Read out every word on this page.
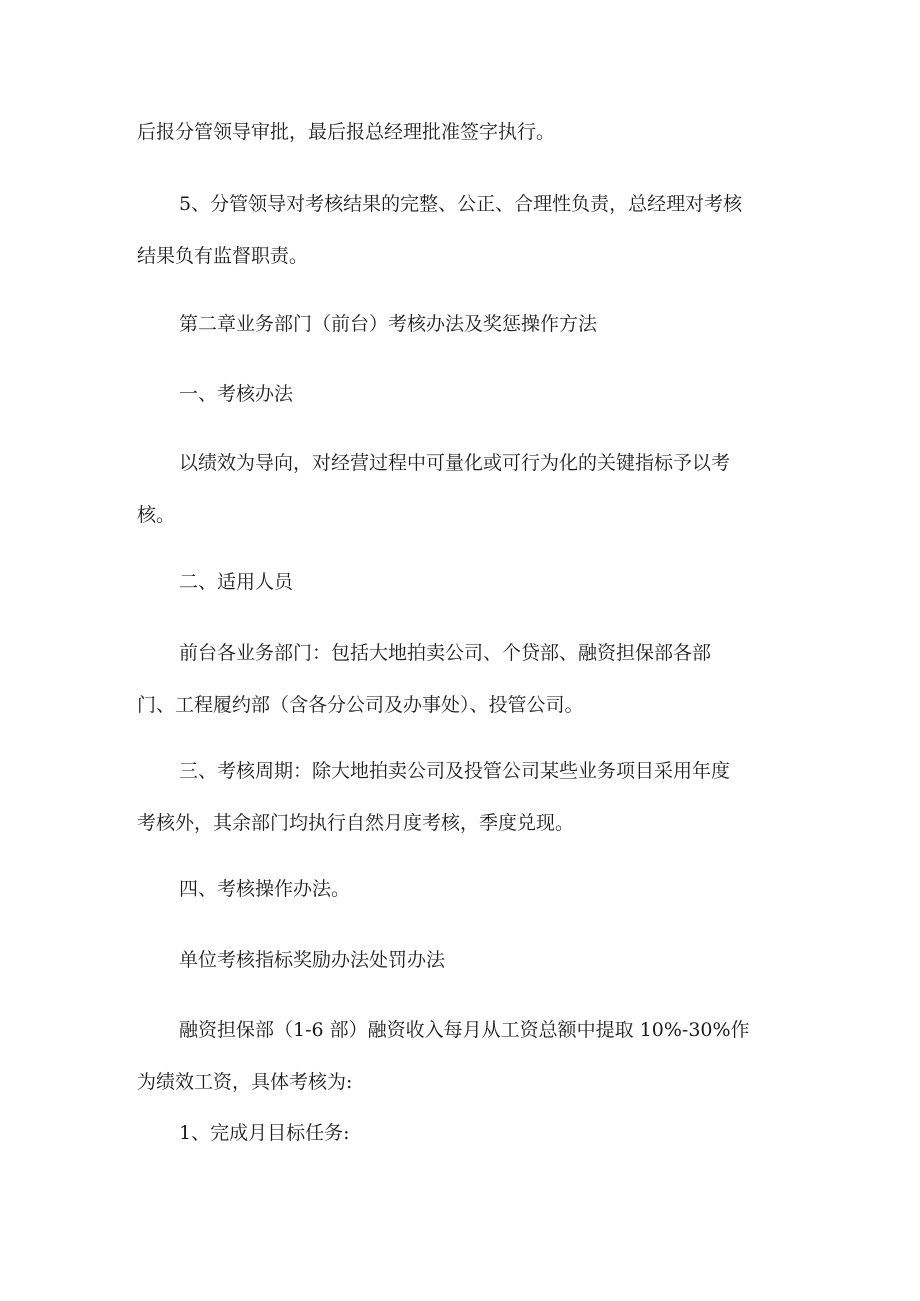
后报分管领导审批，最后报总经理批准签字执行。

5、分管领导对考核结果的完整、公正、合理性负责，总经理对考核
结果负有监督职责。

第二章业务部门（前台）考核办法及奖惩操作方法

一、考核办法

以绩效为导向，对经营过程中可量化或可行为化的关键指标予以考
核。

二、适用人员

前台各业务部门：包括大地拍卖公司、个贷部、融资担保部各部
门、工程履约部（含各分公司及办事处）、投管公司。

三、考核周期：除大地拍卖公司及投管公司某些业务项目采用年度
考核外，其余部门均执行自然月度考核，季度兑现。

四、考核操作办法。

单位考核指标奖励办法处罚办法

融资担保部（1-6 部）融资收入每月从工资总额中提取 10%-30%作
为绩效工资，具体考核为:

1、完成月目标任务:
